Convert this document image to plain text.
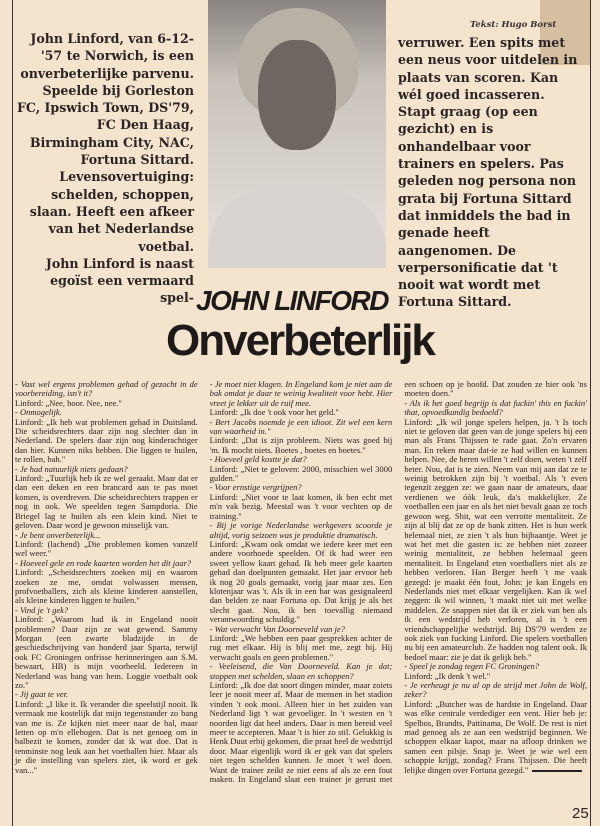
John Linford, van 6-12-'57 te Norwich, is een onverbeterlijke parvenu. Speelde bij Gorleston FC, Ipswich Town, DS'79, FC Den Haag, Birmingham City, NAC, Fortuna Sittard. Levensovertuiging: schelden, schoppen, slaan. Heeft een afkeer van het Nederlandse voetbal.

John Linford is naast egoïst een vermaard spel-

Tekst: Hugo Borst

verruwer. Een spits met een neus voor uitdelen in plaats van scoren. Kan wél goed incasseren. Stapt graag (op een gezicht) en is onhandelbaar voor trainers en spelers. Pas geleden nog persona non grata bij Fortuna Sittard dat inmiddels the bad in genade heeft aangenomen. De verpersonificatie dat 't nooit wat wordt met Fortuna Sittard.

JOHN LINFORD
Onverbeterlijk

- Vast wel ergens problemen gehad of gezocht in de voorbereiding, isn't it?

Linford: „Nee, hoor. Nee, nee."

- Onmogelijk.

Linford: „Ik heb wat problemen gehad in Duitsland. Die scheidsrechters daar zijn nog slechter dan in Nederland. De spelers daar zijn nog kinderachtiger dan hier. Kunnen niks hebben. Die liggen te huilen, te rollen, bah."

- Je had natuurlijk niets gedaan?

Linford: „Tuurlijk heb ik ze wel geraakt. Maar dat er dan een deken en een brancard aan te pas moet komen, is overdreven. Die scheidsrechters trappen er nog in ook. We speelden tegen Sampdoria. Die Briegel lag te huilen als een klein kind. Niet te geloven. Daar word je gewoon misselijk van.

- Je bent onverbeterlijk...

Linford: (lachend) „Die problemen komen vanzelf wel weer."

- Hoeveel gele en rode kaarten worden het dit jaar?

Linford: „Scheidsrechters zoeken mij en waarom zoeken ze me, omdat volwassen mensen, profvoetballers, zich als kleine kinderen aanstellen, als kleine kinderen liggen te huilen."

- Vind je 't gek?

Linford: „Waarom had ik in Engeland nooit problemen? Daar zijn ze wat gewend. Sammy Morgan (een zwarte bladzijde in de geschiedschrijving van honderd jaar Sparta, terwijl ook FC Groningen onfrisse herinneringen aan S.M. bewaart, HB) is mijn voorbeeld. Iedereen in Nederland was bang van hem. Loggie voetbalt ook zo."

- Jij gaat te ver.

Linford: „I like it. Ik verander die speelstijl nooit. Ik vermaak me kostelijk dat mijn tegenstander zo bang van me is. Ze kijken niet meer naar de bal, maar letten op m'n ellebogen. Dat is net genoeg om in balbezit te komen, zonder dat ik wat doe. Dat is tenminste nog leuk aan het voetballen hier. Maar als je die instelling van spelers ziet, ik word er gek van..."

- Je moet niet klagen. In Engeland kom je niet aan de bak omdat je daar te weinig kwaliteit voor hebt. Hier vreet je lekker uit de ruif mee.

Linford: „Ik doe 't ook voor het geld."

- Bert Jacobs noemde je een idioot. Zit wel een kern van waarheid in."

Linford: „Dat is zijn probleem. Niets was goed bij 'm. Ik mocht niets. Boetes , boetes en boetes."

- Hoeveel geld kostte je dat?

Linford: „Niet te geloven: 2000, misschien wel 3000 gulden."

- Voor ernstige vergrijpen?

Linford: „Niet voor te laat komen, ik ben echt met m'n vak bezig. Meestal was 't voor vechten op de training."

- Bij je vorige Nederlandse werkgevers scoorde je altijd, vorig seizoen was je produktie dramatisch.

Linford: „Kwam ook omdat we iedere keer met een andere voorhoede speelden. Of ik had weer een sweet yellow kaart gehad. Ik heb meer gele kaarten gehad dan doelpunten gemaakt. Het jaar ervoor heb ik nog 20 goals gemaakt, vorig jaar maar zes. Een klotenjaar was 't. Als ik in een bar was gesignaleerd dan belden ze naar Fortuna op. Dat krijg je als het slecht gaat. Nou, ik ben toevallig niemand verantwoording schuldig."

- Wat verwacht Van Doorneveld van je?

Linford: „We hebben een paar gesprekken achter de rug met elkaar. Hij is blij met me, zegt hij. Hij verwacht goals en geen problemen."

- Veeleisend, die Van Doorneveld. Kan je dat; stoppen met schelden, slaan en schoppen?

Linford: „Ik doe dat soort dingen minder, maar zoiets leer je nooit meer af. Maar de mensen in het stadion vinden 't ook mooi. Alleen hier in het zuiden van Nederland ligt 't wat gevoeliger. In 't westen en 't noorden ligt dat heel anders. Daar is men bereid veel meer te accepteren. Maar 't is hier zo stil. Gelukkig is Henk Duut erbij gekomen, die praat heel de wedstrijd door. Maar eigenlijk word ik er gek van dat spelers niet tegen schelden kunnen. Je moet 't wel doen. Want de trainer zeikt ze niet eens af als ze een fout maken. In Engeland slaat een trainer je gerust met een schoen op je hoofd. Dat zouden ze hier ook 'ns moeten doen."

- Als ik het goed begrijp is dat fuckin' this en fuckin' that, opvoedkundig bedoeld?

Linford: „Ik wil jonge spelers helpen, ja. 't Is toch niet te geloven dat geen van de jonge spelers bij een man als Frans Thijssen te rade gaat. Zo'n ervaren man. En reken maar dat-ie ze had willen en kunnen helpen. Nee, de heren willen 't zelf doen, weten 't zelf beter. Nou, dat is te zien. Neem van mij aan dat ze te weinig betrokken zijn bij 't voetbal. Als 't even tegenzit zeggen ze: we gaan naar de amateurs, daar verdienen we óók leuk, da's makkelijker. Ze voetballen een jaar en als het niet bevalt gaan ze toch gewoon weg. Shit, wat een verrotte mentaliteit. Ze zijn al blij dat ze op de bank zitten. Het is hun werk helemaal niet, ze zien 't als hun bijbaantje. Weet je wat het met die gasten is: ze hebben niet zozeer weinig mentaliteit, ze hebben helemaal geen mentaliteit. In Engeland eten voetballers niet als ze hebben verloren. Han Berger heeft 't me vaak gezegd: je maakt één fout, John: je kan Engels en Nederlands niet met elkaar vergelijken. Kan ik wel zeggen: ik wil winnen, 't maakt niet uit met welke middelen. Ze snappen niet dat ik er ziek van ben als ik een wedstrijd heb verloren, al is 't een vriendschappelijke wedstrijd. Bij DS'79 werden ze ook ziek van fucking Linford. Die spelers voetballen nu bij een amateurclub. Ze hadden nog talent ook. Ik bedoel maar: zie je dat ik gelijk heb."

- Speel je zondag tegen FC Groningen?

Linford: „Ik denk 't wel."

- Je verheugt je nu al op de strijd met John de Wolf, zeker?

Linford: „Butcher was de hardste in Engeland. Daar was elke centrale verdediger een vent. Hier heb je: Spelbos, Brandts, Pattinama, De Wolf. De rest is niet mad genoeg als ze aan een wedstrijd beginnen. We schoppen elkaar kapot, maar na afloop drinken we samen een pilsje. Snap je. Weet je wie wel een schoppie krijgt, zondag? Frans Thijssen. Die heeft lelijke dingen over Fortuna gezegd."

25
